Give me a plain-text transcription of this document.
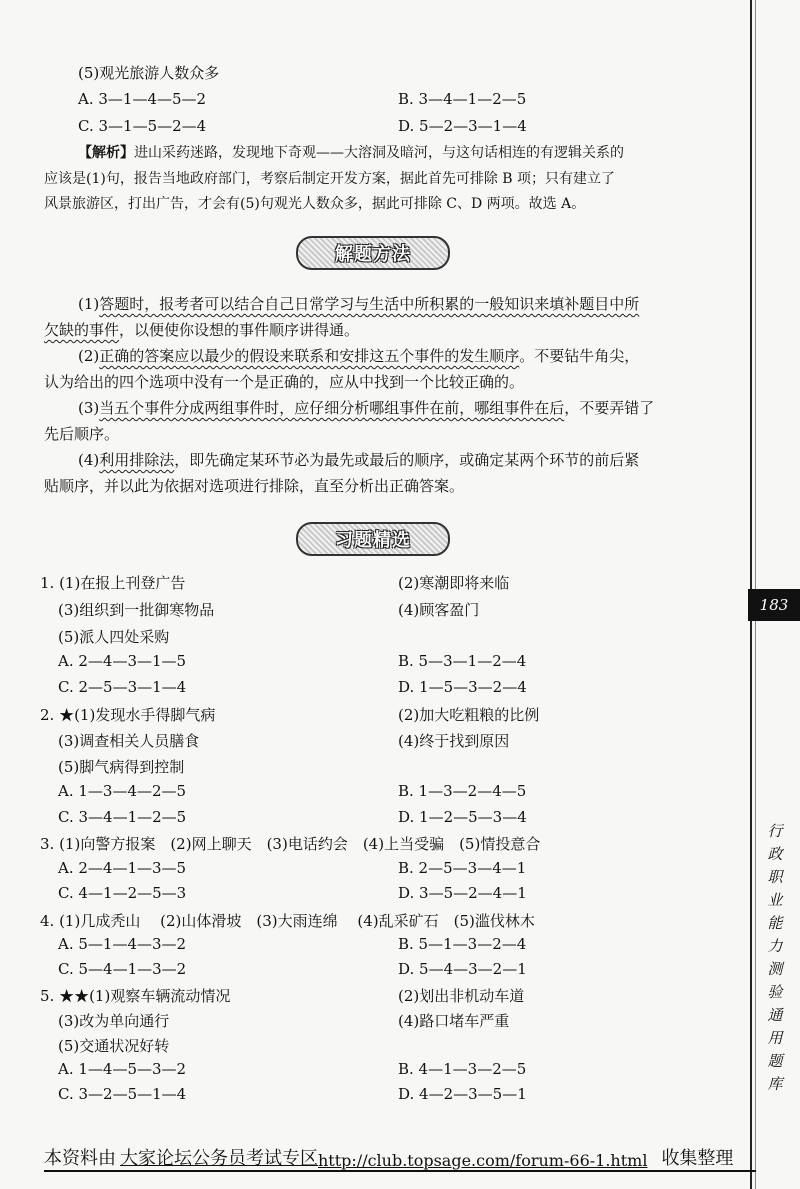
(5)观光旅游人数众多
A. 3—1—4—5—2	B. 3—4—1—2—5
C. 3—1—5—2—4	D. 5—2—3—1—4
【解析】进山采药迷路，发现地下奇观——大溶洞及暗河，与这句话相连的有逻辑关系的
应该是(1)句，报告当地政府部门，考察后制定开发方案，据此首先可排除 B 项；只有建立了
风景旅游区，打出广告，才会有(5)句观光人数众多，据此可排除 C、D 两项。故选 A。
解题方法
(1)答题时，报考者可以结合自己日常学习与生活中所积累的一般知识来填补题目中所
欠缺的事件，以便使你设想的事件顺序讲得通。
(2)正确的答案应以最少的假设来联系和安排这五个事件的发生顺序。不要钻牛角尖，
认为给出的四个选项中没有一个是正确的，应从中找到一个比较正确的。
(3)当五个事件分成两组事件时，应仔细分析哪组事件在前，哪组事件在后，不要弄错了
先后顺序。
(4)利用排除法，即先确定某环节必为最先或最后的顺序，或确定某两个环节的前后紧
贴顺序，并以此为依据对选项进行排除，直至分析出正确答案。
习题精选
1. (1)在报上刊登广告	(2)寒潮即将来临
(3)组织到一批御寒物品	(4)顾客盈门
(5)派人四处采购
A. 2—4—3—1—5	B. 5—3—1—2—4
C. 2—5—3—1—4	D. 1—5—3—2—4
2. ★(1)发现水手得脚气病	(2)加大吃粗粮的比例
(3)调查相关人员膳食	(4)终于找到原因
(5)脚气病得到控制
A. 1—3—4—2—5	B. 1—3—2—4—5
C. 3—4—1—2—5	D. 1—2—5—3—4
3. (1)向警方报案　(2)网上聊天　(3)电话约会　(4)上当受骗　(5)情投意合
A. 2—4—1—3—5	B. 2—5—3—4—1
C. 4—1—2—5—3	D. 3—5—2—4—1
4. (1)几成秃山　 (2)山体滑坡　(3)大雨连绵　 (4)乱采矿石　(5)滥伐林木
A. 5—1—4—3—2	B. 5—1—3—2—4
C. 5—4—1—3—2	D. 5—4—3—2—1
5. ★★(1)观察车辆流动情况	(2)划出非机动车道
(3)改为单向通行	(4)路口堵车严重
(5)交通状况好转
A. 1—4—5—3—2	B. 4—1—3—2—5
C. 3—2—5—1—4	D. 4—2—3—5—1
183
行政职业能力测验通用题库
本资料由 大家论坛公务员考试专区 http://club.topsage.com/forum-66-1.html 收集整理
